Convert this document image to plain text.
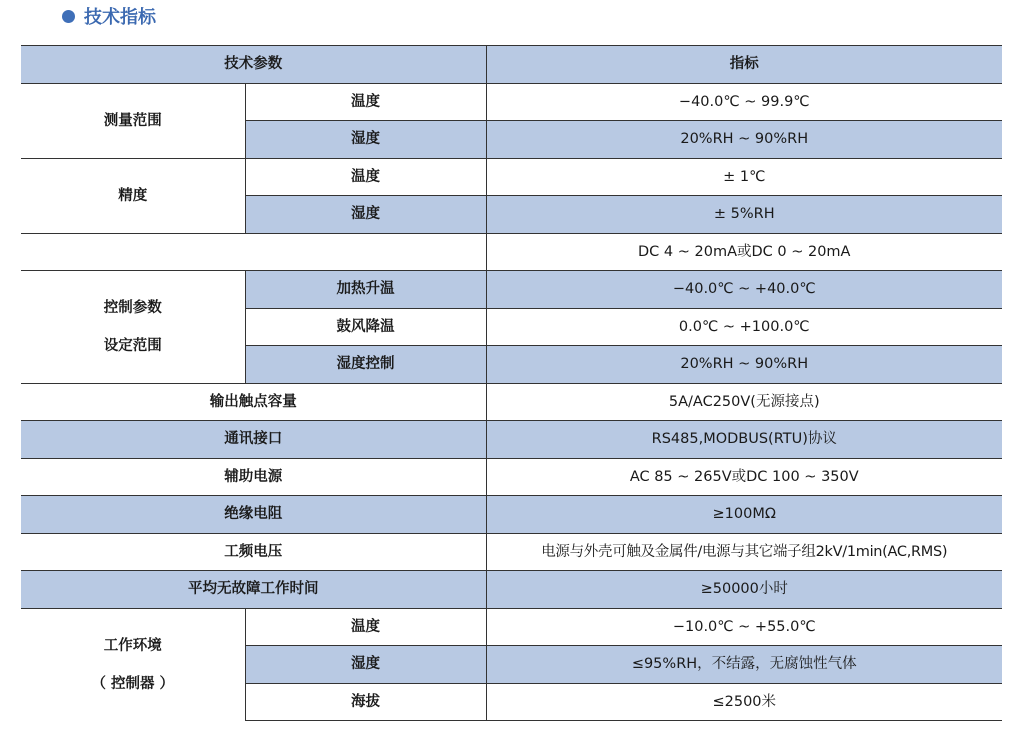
技术指标
技术参数		指标
测量范围	温度	−40.0℃ ~ 99.9℃
	湿度	20%RH ~ 90%RH
精度	温度	± 1℃
	湿度	± 5%RH
		DC 4 ~ 20mA或DC 0 ~ 20mA

控制参数
设定范围	加热升温	−40.0℃ ~ +40.0℃
	鼓风降温	0.0℃ ~ +100.0℃
	湿度控制	20%RH ~ 90%RH
输出触点容量		5A/AC250V(无源接点)
通讯接口		RS485,MODBUS(RTU)协议
辅助电源		AC 85 ~ 265V或DC 100 ~ 350V
绝缘电阻		≥100MΩ
工频电压		电源与外壳可触及金属件/电源与其它端子组2kV/1min(AC,RMS)
平均无故障工作时间		≥50000小时

工作环境
（ 控制器 ）	温度	−10.0℃ ~ +55.0℃
	湿度	≤95%RH，不结露，无腐蚀性气体
	海拔	≤2500米
